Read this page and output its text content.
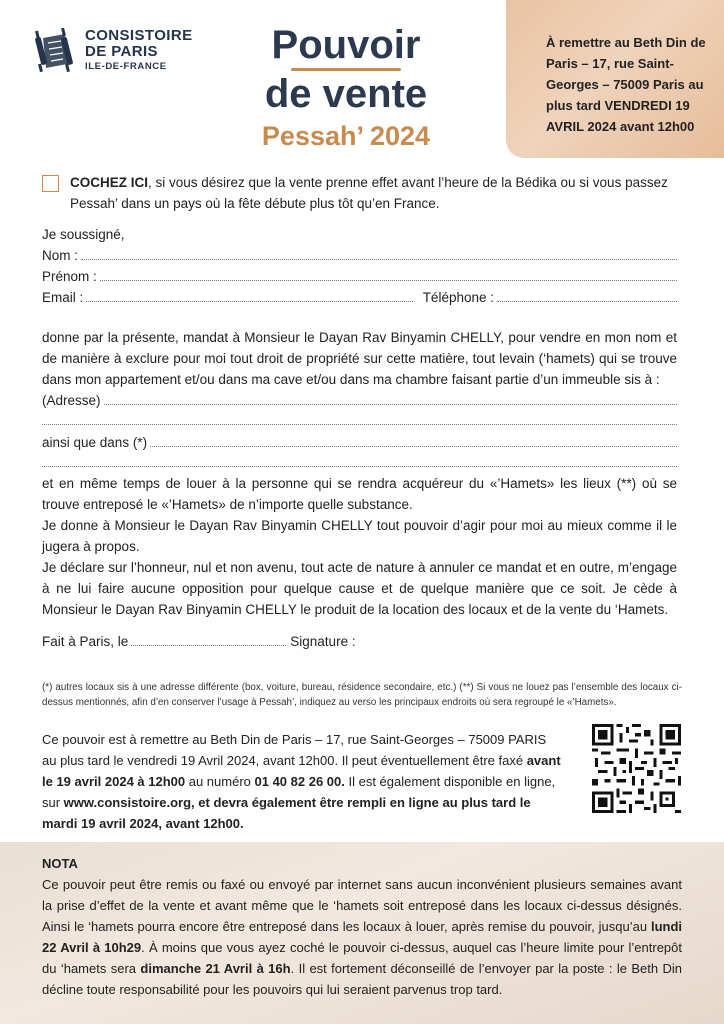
CONSISTOIRE
DE PARIS
ILE-DE-FRANCE	Pouvoir
de vente
Pessah’ 2024
À remettre au Beth Din de Paris – 17, rue Saint-Georges – 75009 Paris au plus tard VENDREDI 19 AVRIL 2024 avant 12h00
COCHEZ ICI, si vous désirez que la vente prenne effet avant l’heure de la Bédika ou si vous passez Pessah’ dans un pays où la fête débute plus tôt qu’en France.
Je soussigné,
Nom :
Prénom :
Email :	Téléphone :

donne par la présente, mandat à Monsieur le Dayan Rav Binyamin CHELLY, pour vendre en mon nom et de manière à exclure pour moi tout droit de propriété sur cette matière, tout levain (‘hamets) qui se trouve dans mon appartement et/ou dans ma cave et/ou dans ma chambre faisant partie d’un immeuble sis à :

(Adresse)
ainsi que dans (*)

et en même temps de louer à la personne qui se rendra acquéreur du «’Hamets» les lieux (**) où se trouve entreposé le «’Hamets» de n’importe quelle substance.

Je donne à Monsieur le Dayan Rav Binyamin CHELLY tout pouvoir d’agir pour moi au mieux comme il le jugera à propos.

Je déclare sur l’honneur, nul et non avenu, tout acte de nature à annuler ce mandat et en outre, m’engage à ne lui faire aucune opposition pour quelque cause et de quelque manière que ce soit. Je cède à Monsieur le Dayan Rav Binyamin CHELLY le produit de la location des locaux et de la vente du ‘Hamets.

Fait à Paris, le	Signature :
(*) autres locaux sis à une adresse différente (box, voiture, bureau, résidence secondaire, etc.) (**) Si vous ne louez pas l’ensemble des locaux ci-dessus mentionnés, afin d’en conserver l’usage à Pessah’, indiquez au verso les principaux endroits où sera regroupé le «’Hamets».
Ce pouvoir est à remettre au Beth Din de Paris – 17, rue Saint-Georges – 75009 PARIS au plus tard le vendredi 19 Avril 2024, avant 12h00. Il peut éventuellement être faxé avant le 19 avril 2024 à 12h00 au numéro 01 40 82 26 00. Il est également disponible en ligne, sur www.consistoire.org, et devra également être rempli en ligne au plus tard le mardi 19 avril 2024, avant 12h00.
NOTA
Ce pouvoir peut être remis ou faxé ou envoyé par internet sans aucun inconvénient plusieurs semaines avant la prise d’effet de la vente et avant même que le ‘hamets soit entreposé dans les locaux ci-dessus désignés. Ainsi le ‘hamets pourra encore être entreposé dans les locaux à louer, après remise du pouvoir, jusqu’au lundi 22 Avril à 10h29. À moins que vous ayez coché le pouvoir ci-dessus, auquel cas l’heure limite pour l’entrepôt du ‘hamets sera dimanche 21 Avril à 16h. Il est fortement déconseillé de l’envoyer par la poste : le Beth Din décline toute responsabilité pour les pouvoirs qui lui seraient parvenus trop tard.
